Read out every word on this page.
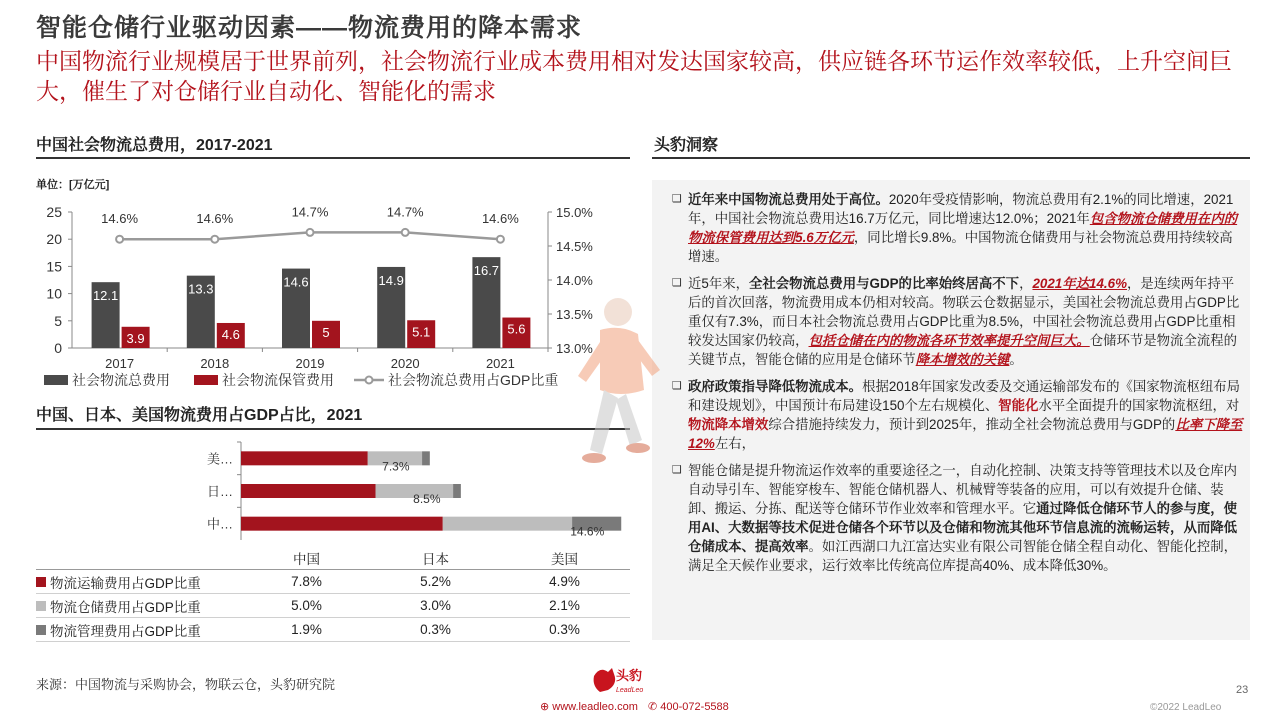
智能仓储行业驱动因素——物流费用的降本需求
中国物流行业规模居于世界前列，社会物流行业成本费用相对发达国家较高，供应链各环节运作效率较低，上升空间巨大，催生了对仓储行业自动化、智能化的需求
中国社会物流总费用，2017-2021
单位：[万亿元]
0
5
10
15
20
25
13.0%
13.5%
14.0%
14.5%
15.0%
12.1
3.9
2017
13.3
4.6
2018
14.6
5
2019
14.9
5.1
2020
16.7
5.6
2021
14.6%	14.6%	14.7%	14.7%	14.6%
社会物流总费用	社会物流保管费用	社会物流总费用占GDP比重
中国、日本、美国物流费用占GDP占比，2021
美…	7.3%
日…	8.5%
中…	14.6%
中国	日本	美国
物流运输费用占GDP比重	7.8%	5.2%	4.9%
物流仓储费用占GDP比重	5.0%	3.0%	2.1%
物流管理费用占GDP比重	1.9%	0.3%	0.3%
头豹洞察
❑ 近年来中国物流总费用处于高位。2020年受疫情影响，物流总费用有2.1%的同比增速，2021年，中国社会物流总费用达16.7万亿元，同比增速达12.0%；2021年包含物流仓储费用在内的物流保管费用达到5.6万亿元，同比增长9.8%。中国物流仓储费用与社会物流总费用持续较高增速。
❑ 近5年来，全社会物流总费用与GDP的比率始终居高不下，2021年达14.6%，是连续两年持平后的首次回落，物流费用成本仍相对较高。物联云仓数据显示，美国社会物流总费用占GDP比重仅有7.3%，而日本社会物流总费用占GDP比重为8.5%，中国社会物流总费用占GDP比重相较发达国家仍较高，包括仓储在内的物流各环节效率提升空间巨大。仓储环节是物流全流程的关键节点，智能仓储的应用是仓储环节降本增效的关键。
❑ 政府政策指导降低物流成本。根据2018年国家发改委及交通运输部发布的《国家物流枢纽布局和建设规划》，中国预计布局建设150个左右规模化、智能化水平全面提升的国家物流枢纽，对物流降本增效综合措施持续发力，预计到2025年，推动全社会物流总费用与GDP的比率下降至12%左右，
❑ 智能仓储是提升物流运作效率的重要途径之一，自动化控制、决策支持等管理技术以及仓库内自动导引车、智能穿梭车、智能仓储机器人、机械臂等装备的应用，可以有效提升仓储、装卸、搬运、分拣、配送等仓储环节作业效率和管理水平。它通过降低仓储环节人的参与度，使用AI、大数据等技术促进仓储各个环节以及仓储和物流其他环节信息流的流畅运转，从而降低仓储成本、提高效率。如江西湖口九江富达实业有限公司智能仓储全程自动化、智能化控制，满足全天候作业要求，运行效率比传统高位库提高40%、成本降低30%。
来源：中国物流与采购协会，物联云仓，头豹研究院	23
©2022 LeadLeo
头豹
LeadLeo
⊕ www.leadleo.com ✆ 400-072-5588
